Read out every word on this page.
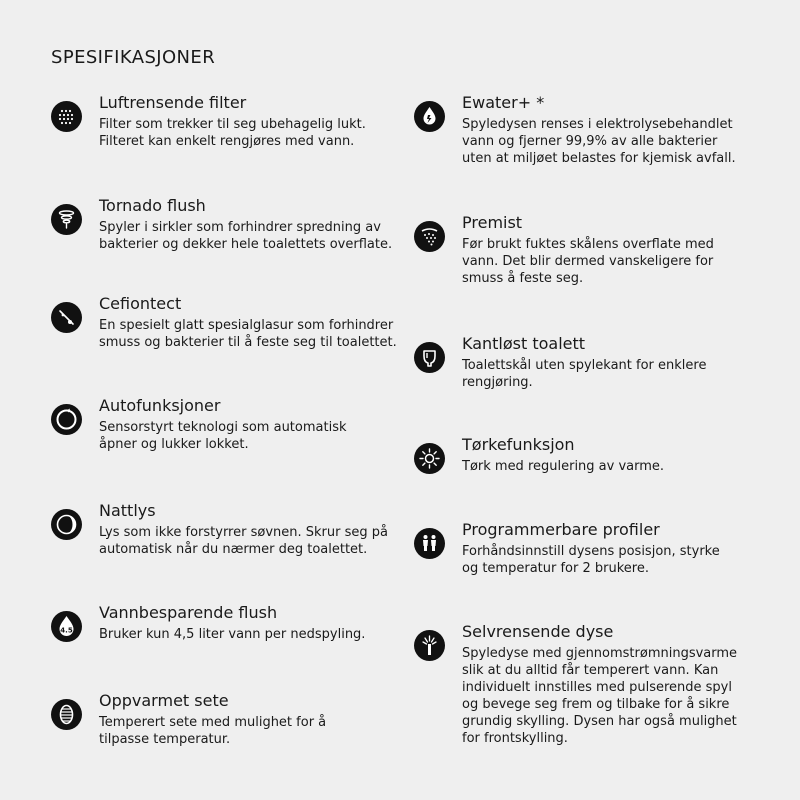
SPESIFIKASJONER

Luftrensende filter

Filter som trekker til seg ubehagelig lukt.
Filteret kan enkelt rengjøres med vann.

Tornado flush

Spyler i sirkler som forhindrer spredning av
bakterier og dekker hele toalettets overflate.

Cefiontect

En spesielt glatt spesialglasur som forhindrer
smuss og bakterier til å feste seg til toalettet.

Autofunksjoner

Sensorstyrt teknologi som automatisk
åpner og lukker lokket.

Nattlys

Lys som ikke forstyrrer søvnen. Skrur seg på
automatisk når du nærmer deg toalettet.

4.5

Vannbesparende flush

Bruker kun 4,5 liter vann per nedspyling.

Oppvarmet sete

Temperert sete med mulighet for å
tilpasse temperatur.

Ewater+ *

Spyledysen renses i elektrolysebehandlet
vann og fjerner 99,9% av alle bakterier
uten at miljøet belastes for kjemisk avfall.

Premist

Før brukt fuktes skålens overflate med
vann. Det blir dermed vanskeligere for
smuss å feste seg.

Kantløst toalett

Toalettskål uten spylekant for enklere
rengjøring.

Tørkefunksjon

Tørk med regulering av varme.

Programmerbare profiler

Forhåndsinnstill dysens posisjon, styrke
og temperatur for 2 brukere.

Selvrensende dyse

Spyledyse med gjennomstrømningsvarme
slik at du alltid får temperert vann. Kan
individuelt innstilles med pulserende spyl
og bevege seg frem og tilbake for å sikre
grundig skylling. Dysen har også mulighet
for frontskylling.
